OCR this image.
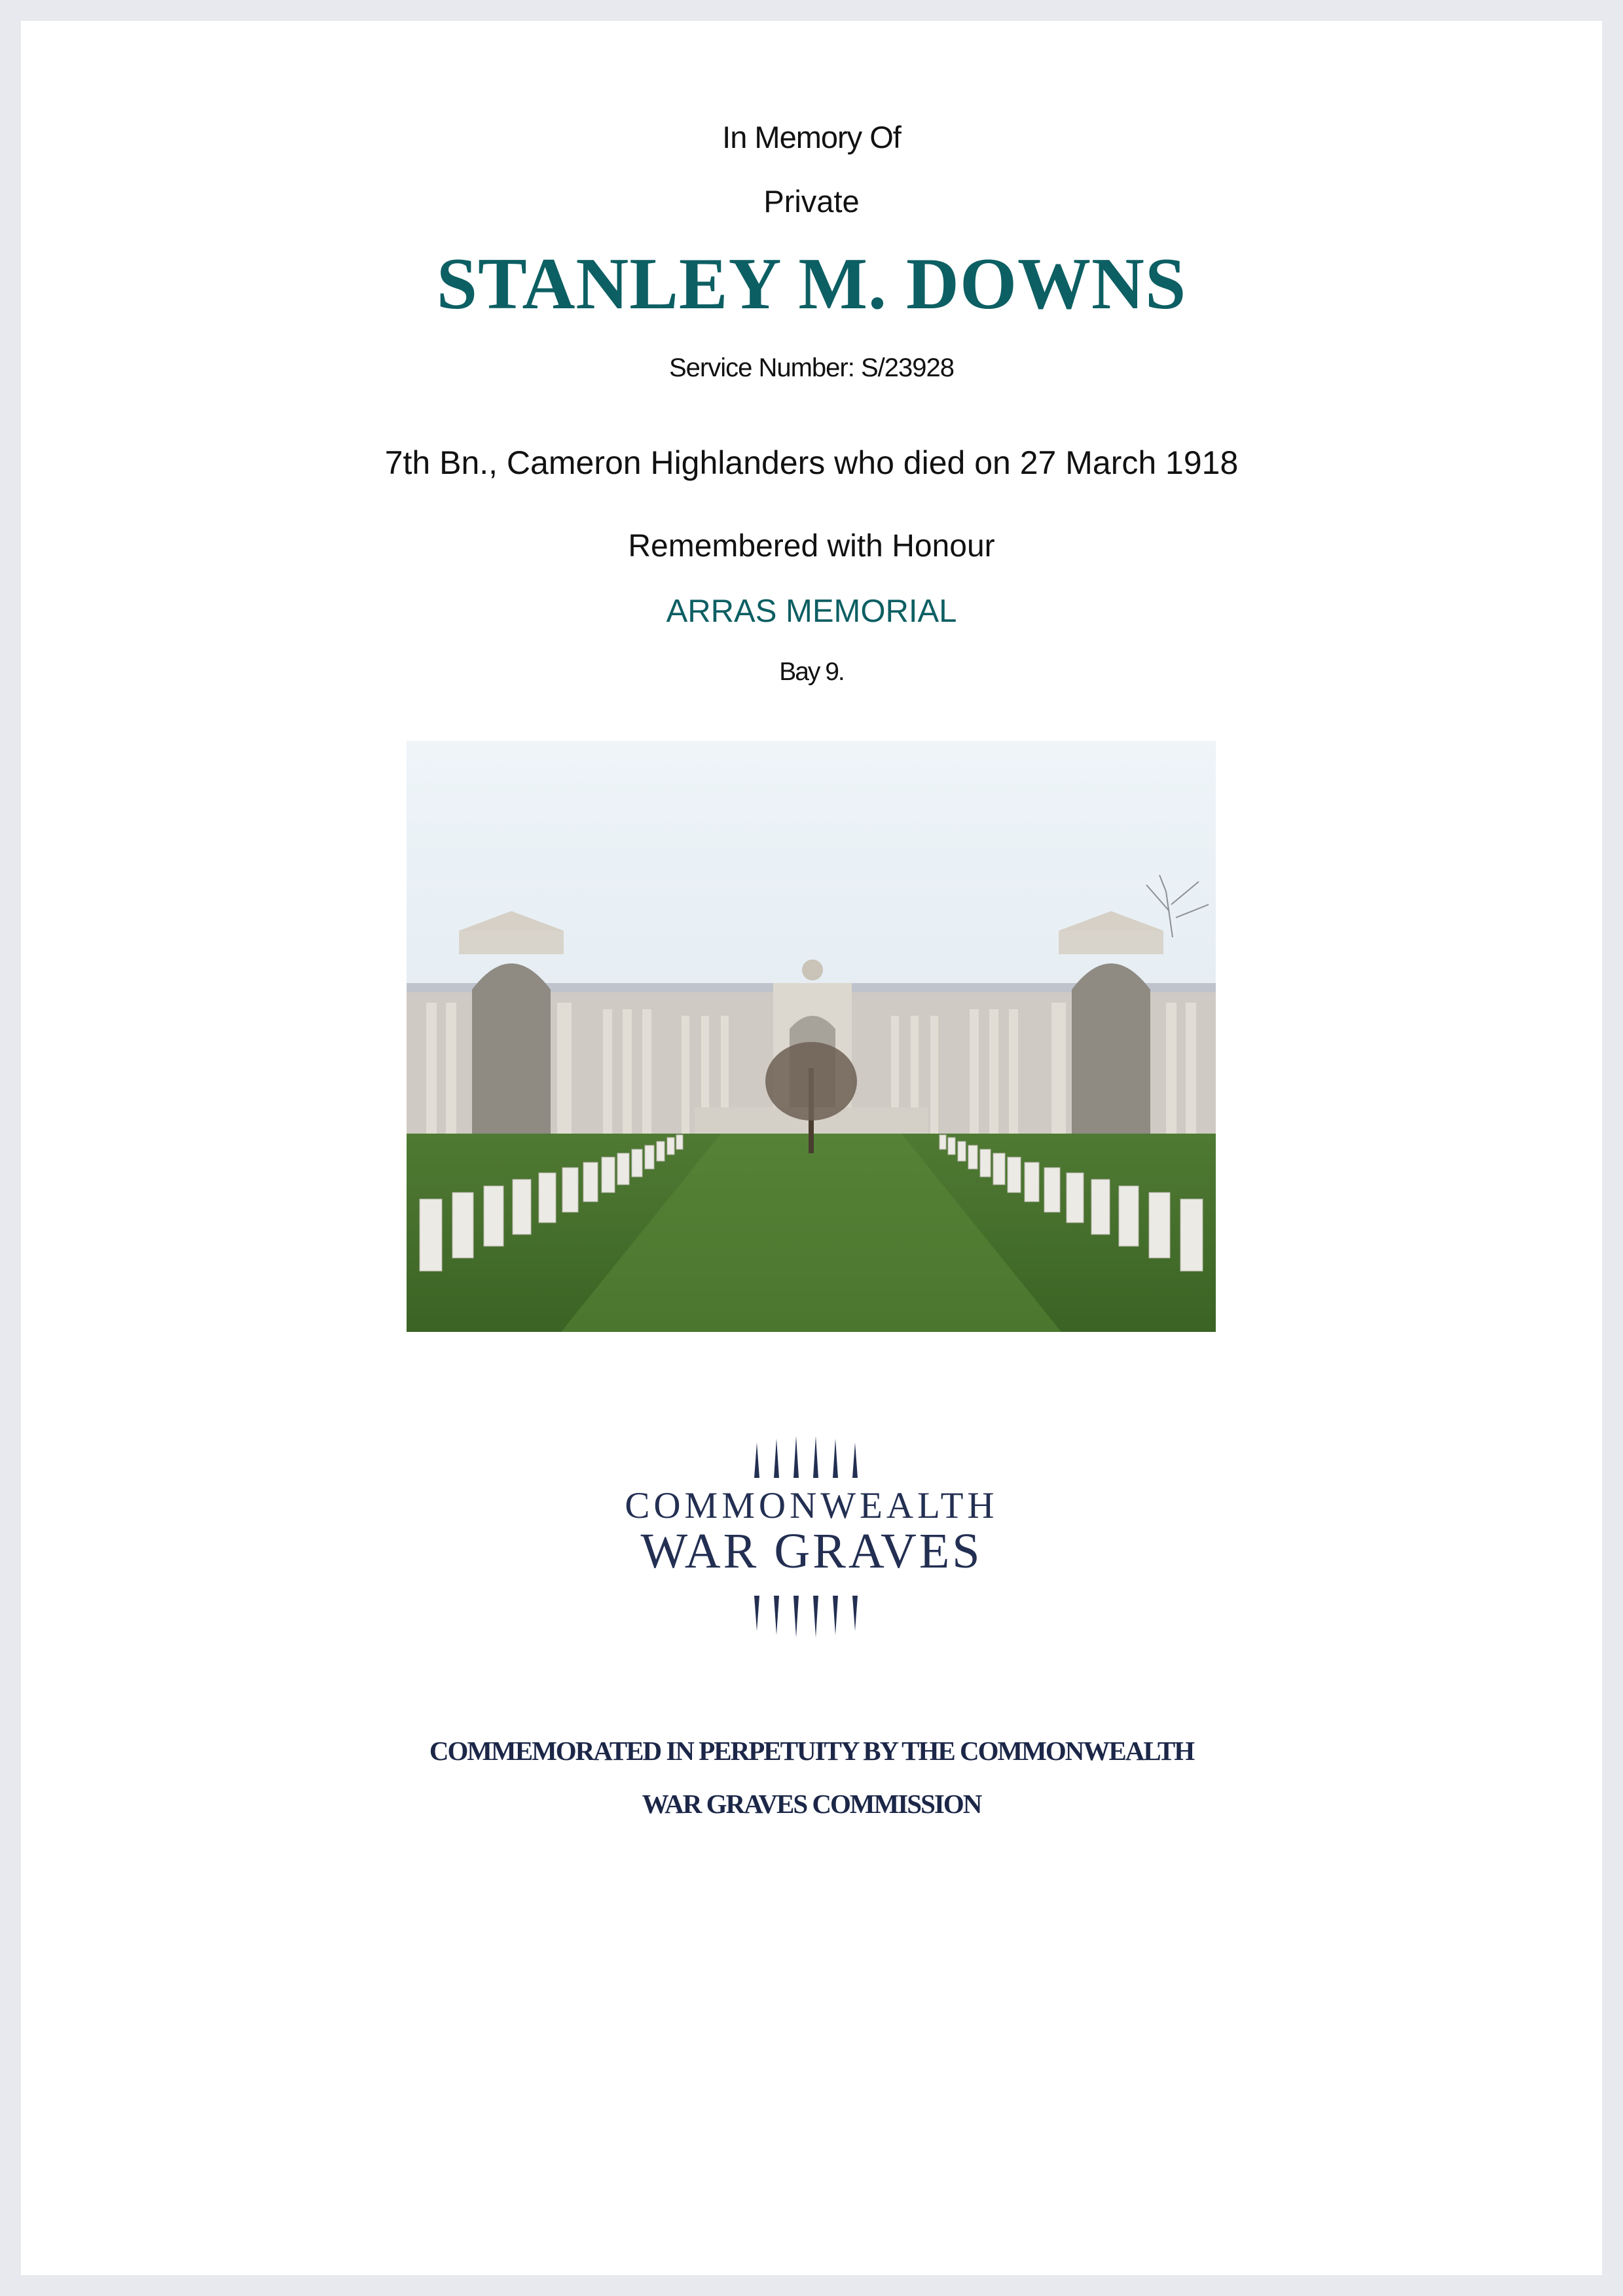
In Memory Of
Private
STANLEY M. DOWNS
Service Number: S/23928
7th Bn., Cameron Highlanders who died on 27 March 1918
Remembered with Honour
ARRAS MEMORIAL
Bay 9.
COMMONWEALTH
WAR GRAVES
COMMEMORATED IN PERPETUITY BY THE COMMONWEALTH
WAR GRAVES COMMISSION
